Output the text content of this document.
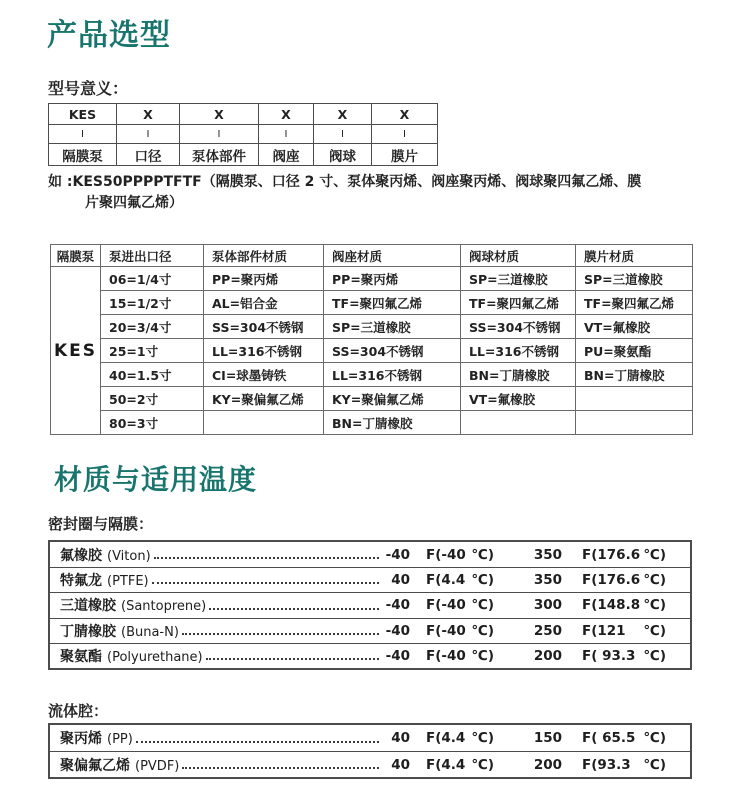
产品选型
型号意义：
KES	X	X	X	X	X
I	I	I	I	I	I
隔膜泵	口径	泵体部件	阀座	阀球	膜片
如 :KES50PPPPTFTF（隔膜泵、口径 2 寸、泵体聚丙烯、阀座聚丙烯、阀球聚四氟乙烯、膜
片聚四氟乙烯）
隔膜泵	泵进出口径	泵体部件材质	阀座材质	阀球材质	膜片材质
KES	06=1/4寸	PP=聚丙烯	PP=聚丙烯	SP=三道橡胶	SP=三道橡胶
	15=1/2寸	AL=铝合金	TF=聚四氟乙烯	TF=聚四氟乙烯	TF=聚四氟乙烯
	20=3/4寸	SS=304不锈钢	SP=三道橡胶	SS=304不锈钢	VT=氟橡胶
	25=1寸	LL=316不锈钢	SS=304不锈钢	LL=316不锈钢	PU=聚氨酯
	40=1.5寸	CI=球墨铸铁	LL=316不锈钢	BN=丁腈橡胶	BN=丁腈橡胶
	50=2寸	KY=聚偏氟乙烯	KY=聚偏氟乙烯	VT=氟橡胶	
	80=3寸		BN=丁腈橡胶		
材质与适用温度
密封圈与隔膜：
氟橡胶 (Viton)	-40 F(-40 ℃)	350 F(176.6 ℃)
特氟龙 (PTFE)	40 F(4.4 ℃)	350 F(176.6 ℃)
三道橡胶 (Santoprene)	-40 F(-40 ℃)	300 F(148.8 ℃)
丁腈橡胶 (Buna-N)	-40 F(-40 ℃)	250 F(121 ℃)
聚氨酯 (Polyurethane)	-40 F(-40 ℃)	200 F( 93.3 ℃)
流体腔：
聚丙烯 (PP)	40 F(4.4 ℃)	150 F( 65.5 ℃)
聚偏氟乙烯 (PVDF)	40 F(4.4 ℃)	200 F(93.3 ℃)
